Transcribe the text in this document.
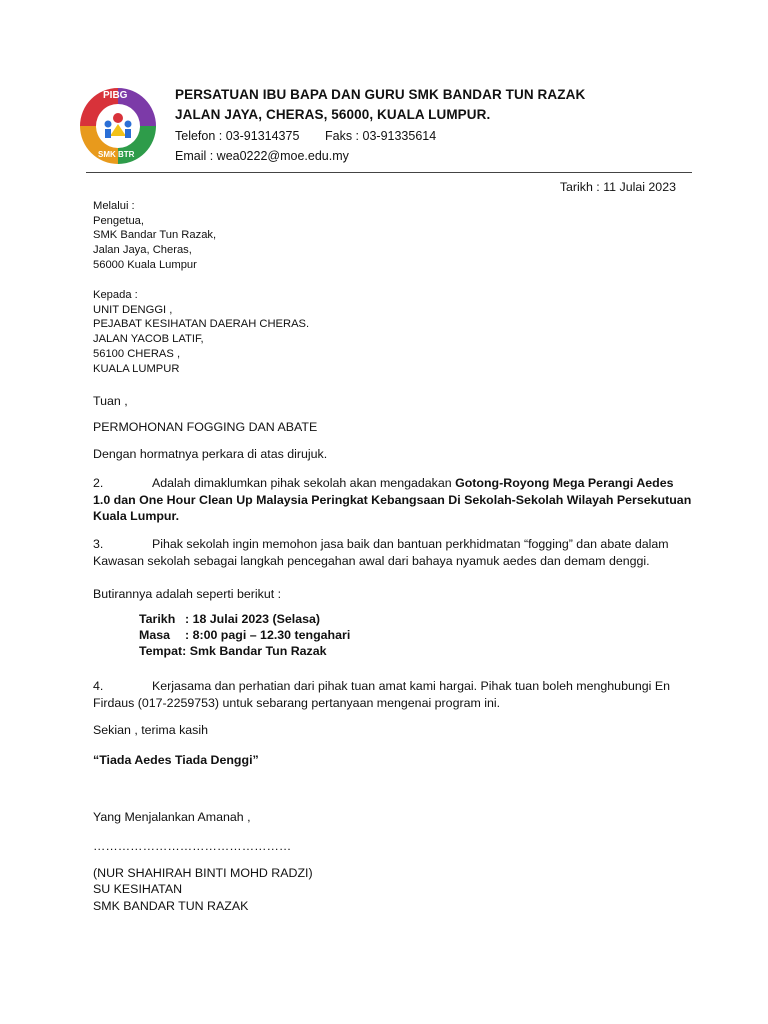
PIBG
SMK BTR
PERSATUAN IBU BAPA DAN GURU SMK BANDAR TUN RAZAK
JALAN JAYA, CHERAS, 56000, KUALA LUMPUR.
Telefon : 03-91314375 Faks : 03-91335614
Email : wea0222@moe.edu.my
Tarikh : 11 Julai 2023
Melalui :
Pengetua,
SMK Bandar Tun Razak,
Jalan Jaya, Cheras,
56000 Kuala Lumpur
Kepada :
UNIT DENGGI ,
PEJABAT KESIHATAN DAERAH CHERAS.
JALAN YACOB LATIF,
56100 CHERAS ,
KUALA LUMPUR
Tuan ,
PERMOHONAN FOGGING DAN ABATE
Dengan hormatnya perkara di atas dirujuk.
2.	Adalah dimaklumkan pihak sekolah akan mengadakan Gotong-Royong Mega Perangi Aedes 1.0 dan One Hour Clean Up Malaysia Peringkat Kebangsaan Di Sekolah-Sekolah Wilayah Persekutuan Kuala Lumpur.
3.	Pihak sekolah ingin memohon jasa baik dan bantuan perkhidmatan “fogging” dan abate dalam Kawasan sekolah sebagai langkah pencegahan awal dari bahaya nyamuk aedes dan demam denggi.
Butirannya adalah seperti berikut :
Tarikh : 18 Julai 2023 (Selasa)
Masa : 8:00 pagi – 12.30 tengahari
Tempat: Smk Bandar Tun Razak
4.	Kerjasama dan perhatian dari pihak tuan amat kami hargai. Pihak tuan boleh menghubungi En Firdaus (017-2259753) untuk sebarang pertanyaan mengenai program ini.
Sekian , terima kasih
“Tiada Aedes Tiada Denggi”
Yang Menjalankan Amanah ,
…………………………………………
(NUR SHAHIRAH BINTI MOHD RADZI)
SU KESIHATAN
SMK BANDAR TUN RAZAK
